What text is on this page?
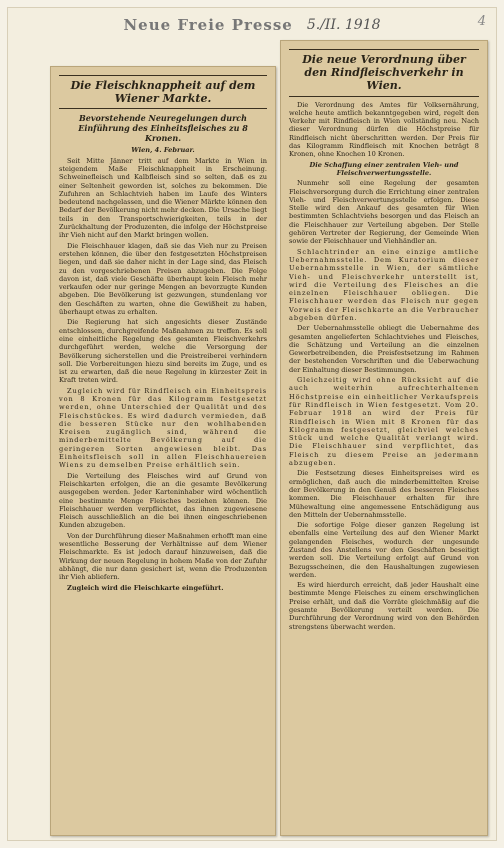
Neue Freie Presse 5./II. 1918	4
Die Fleischknappheit auf dem Wiener Markte.
Bevorstehende Neuregelungen durch Einführung des Einheitsfleisches zu 8 Kronen.

Wien, 4. Februar.

Seit Mitte Jänner tritt auf dem Markte in Wien in steigendem Maße Fleischknappheit in Erscheinung. Schweinefleisch und Kalbfleisch sind so selten, daß es zu einer Seltenheit geworden ist, solches zu bekommen. Die Zufuhren an Schlachtvieh haben im Laufe des Winters bedeutend nachgelassen, und die Wiener Märkte können den Bedarf der Bevölkerung nicht mehr decken. Die Ursache liegt teils in den Transportschwierigkeiten, teils in der Zurückhaltung der Produzenten, die infolge der Höchstpreise ihr Vieh nicht auf den Markt bringen wollen.

Die Fleischhauer klagen, daß sie das Vieh nur zu Preisen erstehen können, die über den festgesetzten Höchstpreisen liegen, und daß sie daher nicht in der Lage sind, das Fleisch zu den vorgeschriebenen Preisen abzugeben. Die Folge davon ist, daß viele Geschäfte überhaupt kein Fleisch mehr verkaufen oder nur geringe Mengen an bevorzugte Kunden abgeben. Die Bevölkerung ist gezwungen, stundenlang vor den Geschäften zu warten, ohne die Gewißheit zu haben, überhaupt etwas zu erhalten.

Die Regierung hat sich angesichts dieser Zustände entschlossen, durchgreifende Maßnahmen zu treffen. Es soll eine einheitliche Regelung des gesamten Fleischverkehrs durchgeführt werden, welche die Versorgung der Bevölkerung sicherstellen und die Preistreiberei verhindern soll. Die Vorbereitungen hiezu sind bereits im Zuge, und es ist zu erwarten, daß die neue Regelung in kürzester Zeit in Kraft treten wird.

Zugleich wird für Rindfleisch ein Einheitspreis von 8 Kronen für das Kilogramm festgesetzt werden, ohne Unterschied der Qualität und des Fleischstückes. Es wird dadurch vermieden, daß die besseren Stücke nur den wohlhabenden Kreisen zugänglich sind, während die minderbemittelte Bevölkerung auf die geringeren Sorten angewiesen bleibt. Das Einheitsfleisch soll in allen Fleischhauereien Wiens zu demselben Preise erhältlich sein.

Die Verteilung des Fleisches wird auf Grund von Fleischkarten erfolgen, die an die gesamte Bevölkerung ausgegeben werden. Jeder Karteninhaber wird wöchentlich eine bestimmte Menge Fleisches beziehen können. Die Fleischhauer werden verpflichtet, das ihnen zugewiesene Fleisch ausschließlich an die bei ihnen eingeschriebenen Kunden abzugeben.

Von der Durchführung dieser Maßnahmen erhofft man eine wesentliche Besserung der Verhältnisse auf dem Wiener Fleischmarkte. Es ist jedoch darauf hinzuweisen, daß die Wirkung der neuen Regelung in hohem Maße von der Zufuhr abhängt, die nur dann gesichert ist, wenn die Produzenten ihr Vieh abliefern.

Zugleich wird die Fleischkarte eingeführt.

Die neue Verordnung über den Rindfleischverkehr in Wien.

Die Verordnung des Amtes für Volksernährung, welche heute amtlich bekanntgegeben wird, regelt den Verkehr mit Rindfleisch in Wien vollständig neu. Nach dieser Verordnung dürfen die Höchstpreise für Rindfleisch nicht überschritten werden. Der Preis für das Kilogramm Rindfleisch mit Knochen beträgt 8 Kronen, ohne Knochen 10 Kronen.

Die Schaffung einer zentralen Vieh- und Fleischverwertungsstelle.

Nunmehr soll eine Regelung der gesamten Fleischversorgung durch die Errichtung einer zentralen Vieh- und Fleischverwertungsstelle erfolgen. Diese Stelle wird den Ankauf des gesamten für Wien bestimmten Schlachtviehs besorgen und das Fleisch an die Fleischhauer zur Verteilung abgeben. Der Stelle gehören Vertreter der Regierung, der Gemeinde Wien sowie der Fleischhauer und Viehhändler an.

Schlachtrinder an eine einzige amtliche Uebernahmsstelle. Dem Kuratorium dieser Uebernahmsstelle in Wien, der sämtliche Vieh- und Fleischverkehr unterstellt ist, wird die Verteilung des Fleisches an die einzelnen Fleischhauer obliegen. Die Fleischhauer werden das Fleisch nur gegen Vorweis der Fleischkarte an die Verbraucher abgeben dürfen.

Der Uebernahmsstelle obliegt die Uebernahme des gesamten angelieferten Schlachtviehes und Fleisches, die Schätzung und Verteilung an die einzelnen Gewerbetreibenden, die Preisfestsetzung im Rahmen der bestehenden Vorschriften und die Ueberwachung der Einhaltung dieser Bestimmungen.

Gleichzeitig wird ohne Rücksicht auf die auch weiterhin aufrechterhaltenen Höchstpreise ein einheitlicher Verkaufspreis für Rindfleisch in Wien festgesetzt. Vom 20. Februar 1918 an wird der Preis für Rindfleisch in Wien mit 8 Kronen für das Kilogramm festgesetzt, gleichviel welches Stück und welche Qualität verlangt wird. Die Fleischhauer sind verpflichtet, das Fleisch zu diesem Preise an jedermann abzugeben.

Die Festsetzung dieses Einheitspreises wird es ermöglichen, daß auch die minderbemittelten Kreise der Bevölkerung in den Genuß des besseren Fleisches kommen. Die Fleischhauer erhalten für ihre Mühewaltung eine angemessene Entschädigung aus den Mitteln der Uebernahmsstelle.

Die sofortige Folge dieser ganzen Regelung ist ebenfalls eine Verteilung des auf den Wiener Markt gelangenden Fleisches, wodurch der ungesunde Zustand des Anstellens vor den Geschäften beseitigt werden soll. Die Verteilung erfolgt auf Grund von Bezugsscheinen, die den Haushaltungen zugewiesen werden.

Es wird hierdurch erreicht, daß jeder Haushalt eine bestimmte Menge Fleisches zu einem erschwinglichen Preise erhält, und daß die Vorräte gleichmäßig auf die gesamte Bevölkerung verteilt werden. Die Durchführung der Verordnung wird von den Behörden strengstens überwacht werden.
